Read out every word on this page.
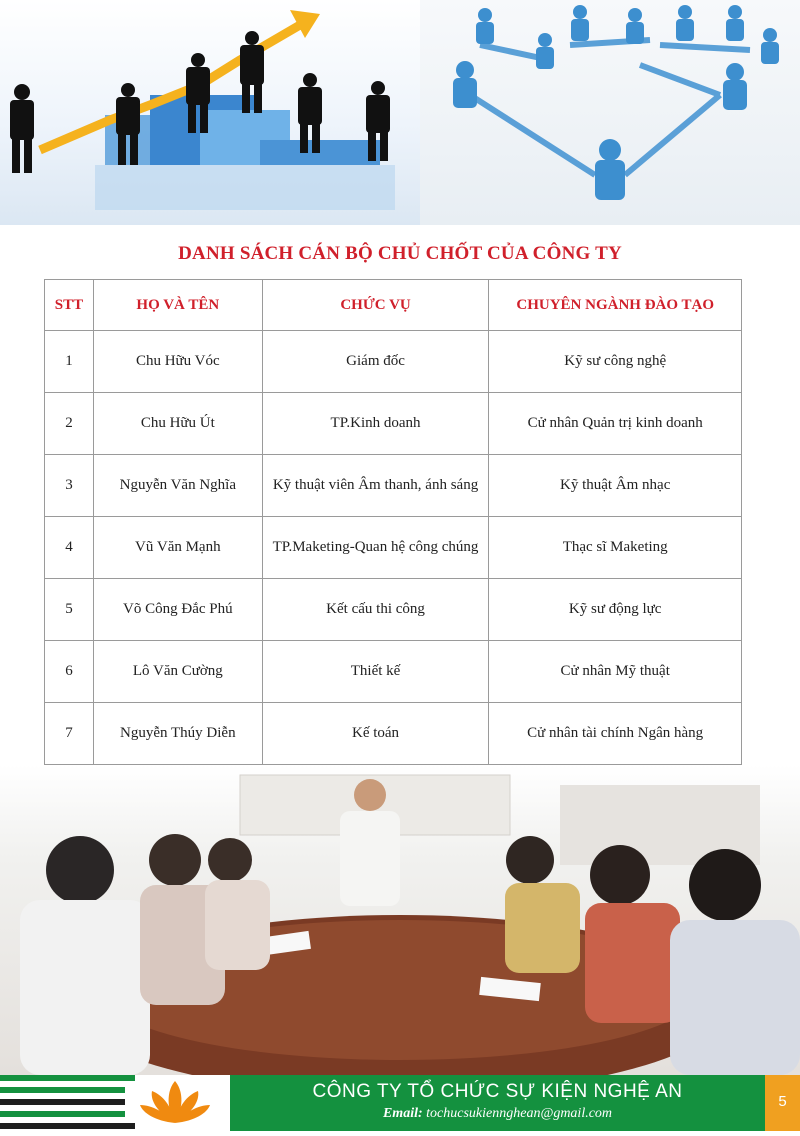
DANH SÁCH CÁN BỘ CHỦ CHỐT CỦA CÔNG TY
STT	HỌ VÀ TÊN	CHỨC VỤ	CHUYÊN NGÀNH ĐÀO TẠO
1	Chu Hữu Vóc	Giám đốc	Kỹ sư công nghệ
2	Chu Hữu Út	TP.Kinh doanh	Cử nhân Quản trị kinh doanh
3	Nguyễn Văn Nghĩa	Kỹ thuật viên Âm thanh, ánh sáng	Kỹ thuật Âm nhạc
4	Vũ Văn Mạnh	TP.Maketing-Quan hệ công chúng	Thạc sĩ Maketing
5	Võ Công Đắc Phú	Kết cấu thi công	Kỹ sư động lực
6	Lô Văn Cường	Thiết kế	Cử nhân Mỹ thuật
7	Nguyễn Thúy Diễn	Kế toán	Cử nhân tài chính Ngân hàng
CÔNG TY TỔ CHỨC SỰ KIỆN NGHỆ AN
Email: tochucsukiennghean@gmail.com
5
